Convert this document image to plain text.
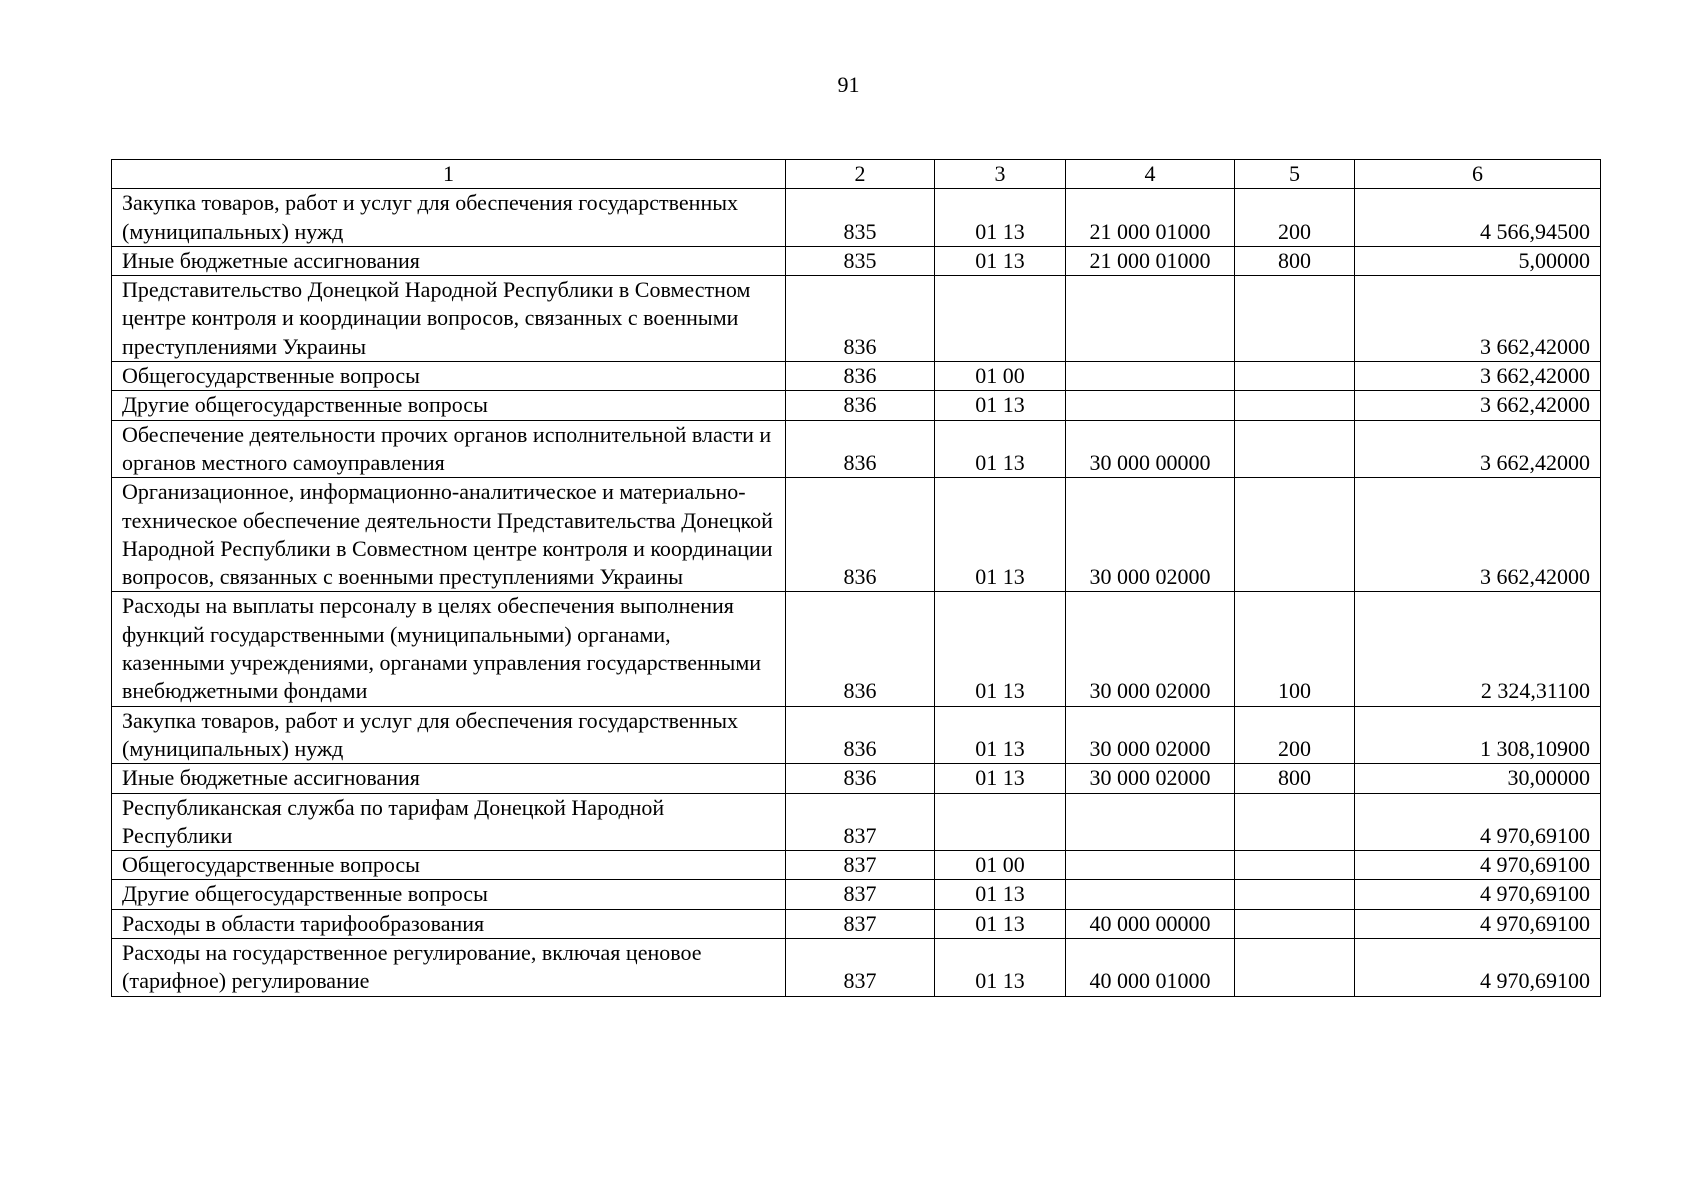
91
1	2	3	4	5	6
Закупка товаров, работ и услуг для обеспечения государственных (муниципальных) нужд	835	01 13	21 000 01000	200	4 566,94500
Иные бюджетные ассигнования	835	01 13	21 000 01000	800	5,00000
Представительство Донецкой Народной Республики в Совместном центре контроля и координации вопросов, связанных с военными преступлениями Украины	836				3 662,42000
Общегосударственные вопросы	836	01 00			3 662,42000
Другие общегосударственные вопросы	836	01 13			3 662,42000
Обеспечение деятельности прочих органов исполнительной власти и органов местного самоуправления	836	01 13	30 000 00000		3 662,42000
Организационное, информационно-аналитическое и материально-техническое обеспечение деятельности Представительства Донецкой Народной Республики в Совместном центре контроля и координации вопросов, связанных с военными преступлениями Украины	836	01 13	30 000 02000		3 662,42000
Расходы на выплаты персоналу в целях обеспечения выполнения функций государственными (муниципальными) органами, казенными учреждениями, органами управления государственными внебюджетными фондами	836	01 13	30 000 02000	100	2 324,31100
Закупка товаров, работ и услуг для обеспечения государственных (муниципальных) нужд	836	01 13	30 000 02000	200	1 308,10900
Иные бюджетные ассигнования	836	01 13	30 000 02000	800	30,00000
Республиканская служба по тарифам Донецкой Народной Республики	837				4 970,69100
Общегосударственные вопросы	837	01 00			4 970,69100
Другие общегосударственные вопросы	837	01 13			4 970,69100
Расходы в области тарифообразования	837	01 13	40 000 00000		4 970,69100
Расходы на государственное регулирование, включая ценовое (тарифное) регулирование	837	01 13	40 000 01000		4 970,69100
